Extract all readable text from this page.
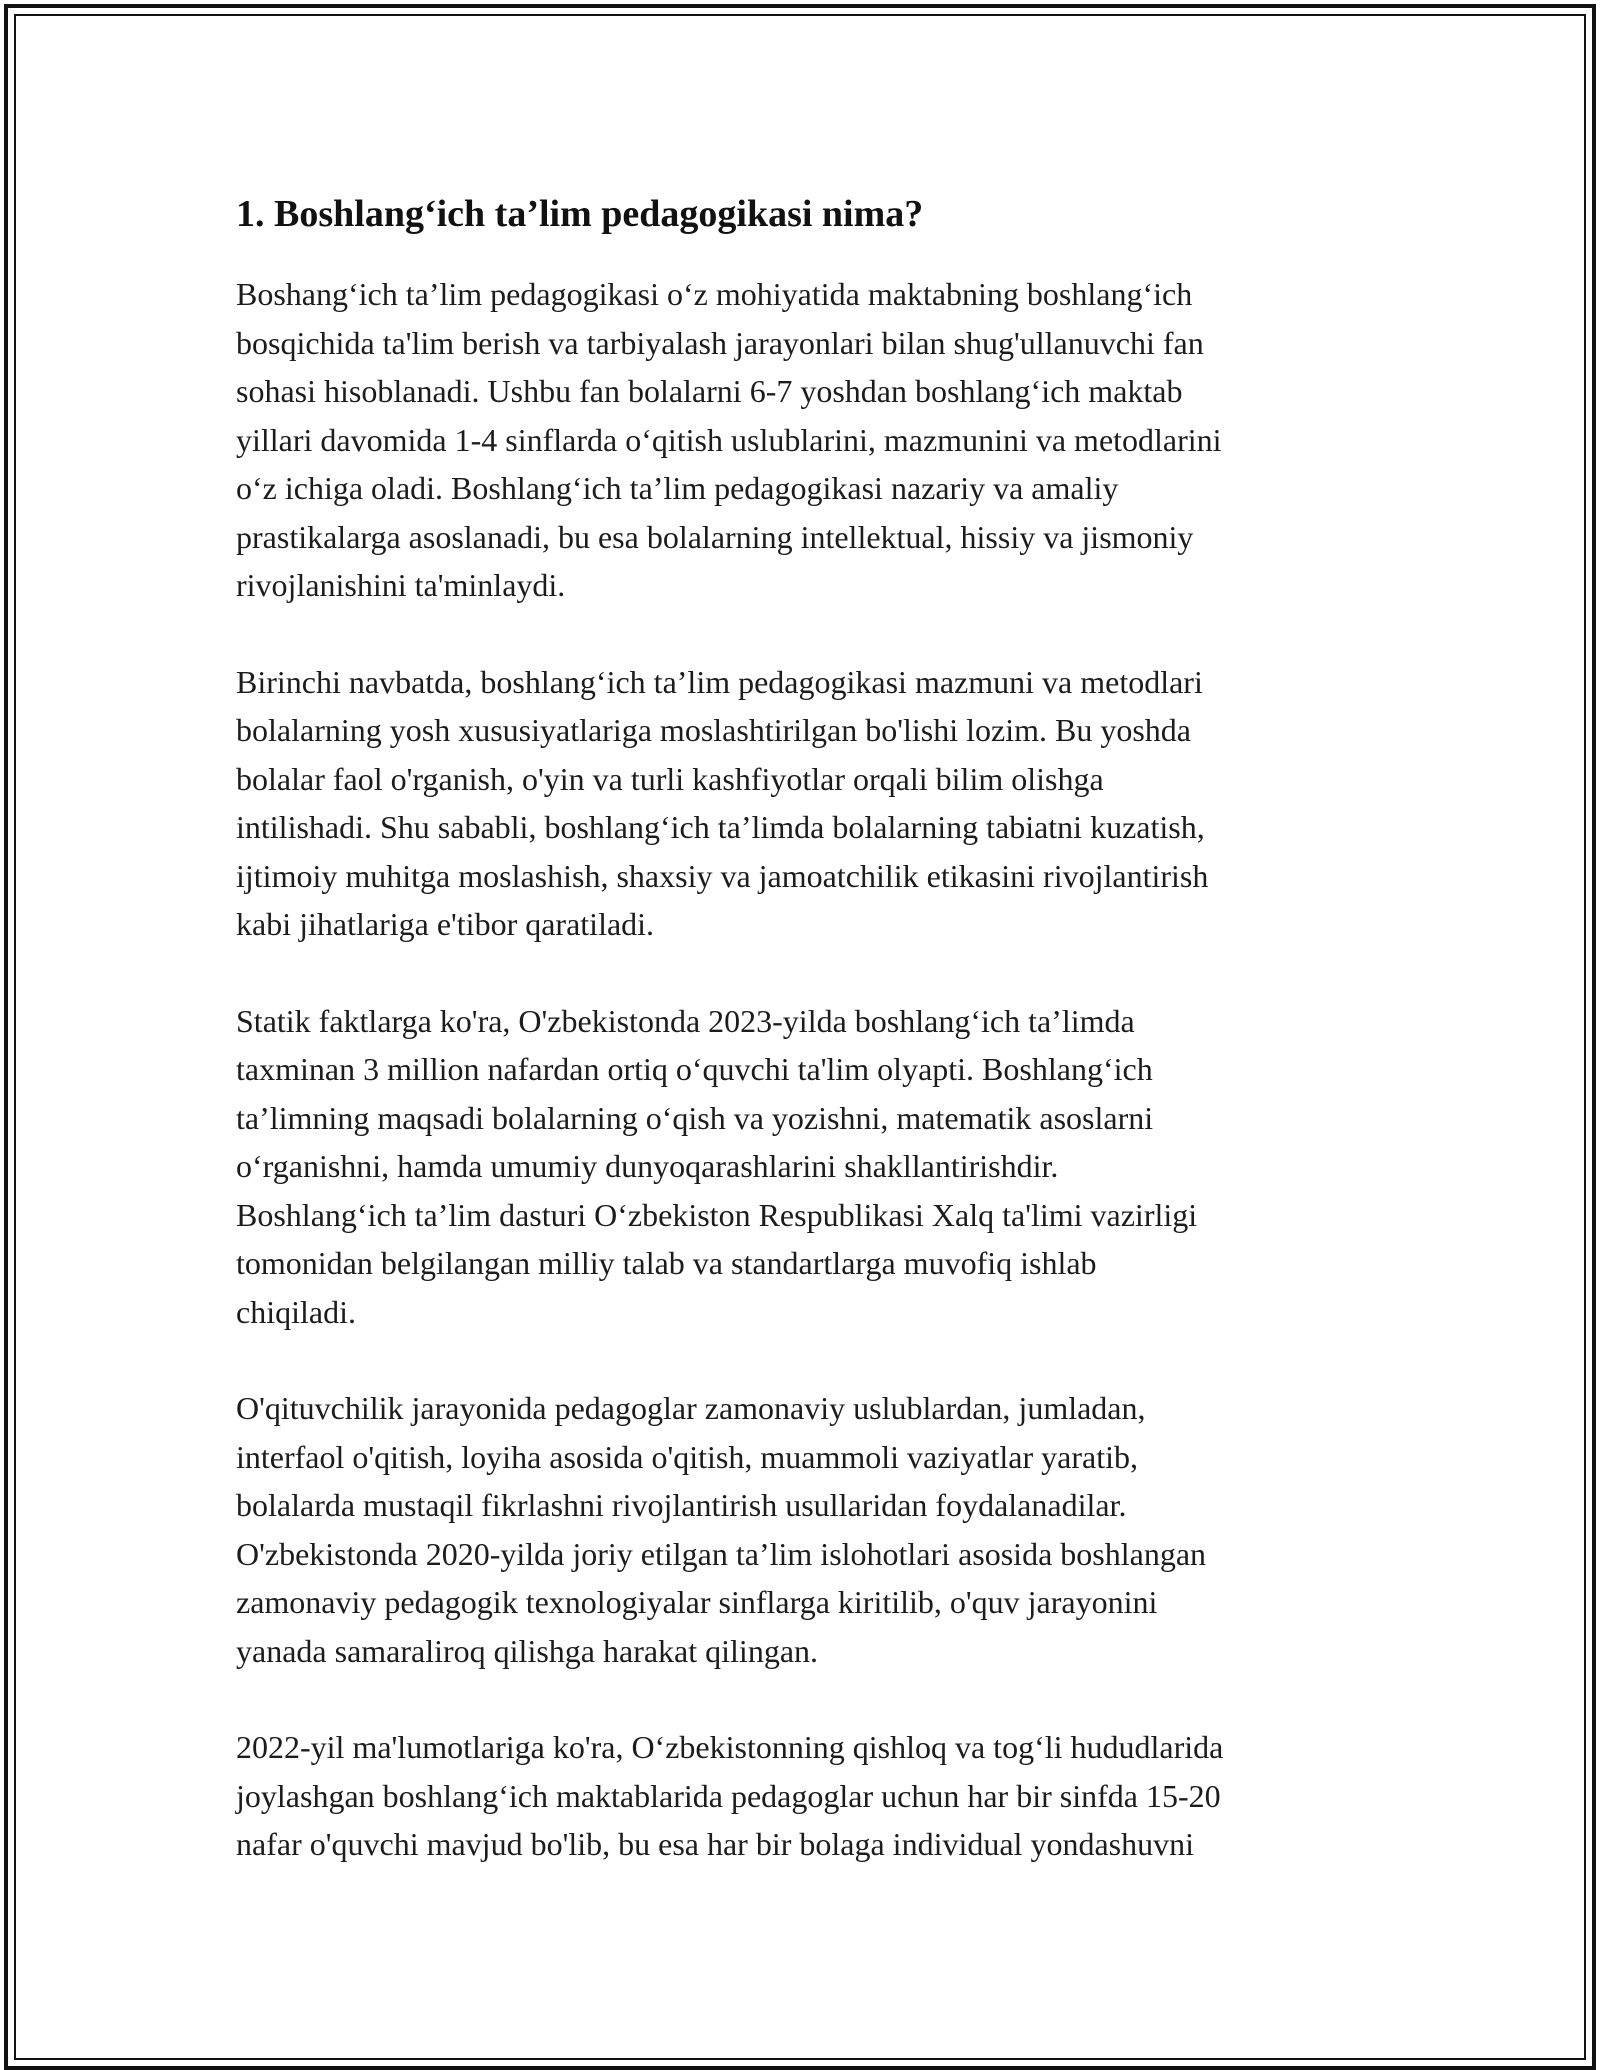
1. Boshlang‘ich ta’lim pedagogikasi nima?

Boshang‘ich ta’lim pedagogikasi o‘z mohiyatida maktabning boshlang‘ich
bosqichida ta'lim berish va tarbiyalash jarayonlari bilan shug'ullanuvchi fan
sohasi hisoblanadi. Ushbu fan bolalarni 6-7 yoshdan boshlang‘ich maktab
yillari davomida 1-4 sinflarda o‘qitish uslublarini, mazmunini va metodlarini
o‘z ichiga oladi. Boshlang‘ich ta’lim pedagogikasi nazariy va amaliy
prastikalarga asoslanadi, bu esa bolalarning intellektual, hissiy va jismoniy
rivojlanishini ta'minlaydi.

Birinchi navbatda, boshlang‘ich ta’lim pedagogikasi mazmuni va metodlari
bolalarning yosh xususiyatlariga moslashtirilgan bo'lishi lozim. Bu yoshda
bolalar faol o'rganish, o'yin va turli kashfiyotlar orqali bilim olishga
intilishadi. Shu sababli, boshlang‘ich ta’limda bolalarning tabiatni kuzatish,
ijtimoiy muhitga moslashish, shaxsiy va jamoatchilik etikasini rivojlantirish
kabi jihatlariga e'tibor qaratiladi.

Statik faktlarga ko'ra, O'zbekistonda 2023-yilda boshlang‘ich ta’limda
taxminan 3 million nafardan ortiq o‘quvchi ta'lim olyapti. Boshlang‘ich
ta’limning maqsadi bolalarning o‘qish va yozishni, matematik asoslarni
o‘rganishni, hamda umumiy dunyoqarashlarini shakllantirishdir.
Boshlang‘ich ta’lim dasturi O‘zbekiston Respublikasi Xalq ta'limi vazirligi
tomonidan belgilangan milliy talab va standartlarga muvofiq ishlab
chiqiladi.

O'qituvchilik jarayonida pedagoglar zamonaviy uslublardan, jumladan,
interfaol o'qitish, loyiha asosida o'qitish, muammoli vaziyatlar yaratib,
bolalarda mustaqil fikrlashni rivojlantirish usullaridan foydalanadilar.
O'zbekistonda 2020-yilda joriy etilgan ta’lim islohotlari asosida boshlangan
zamonaviy pedagogik texnologiyalar sinflarga kiritilib, o'quv jarayonini
yanada samaraliroq qilishga harakat qilingan.

2022-yil ma'lumotlariga ko'ra, O‘zbekistonning qishloq va tog‘li hududlarida
joylashgan boshlang‘ich maktablarida pedagoglar uchun har bir sinfda 15-20
nafar o'quvchi mavjud bo'lib, bu esa har bir bolaga individual yondashuvni
